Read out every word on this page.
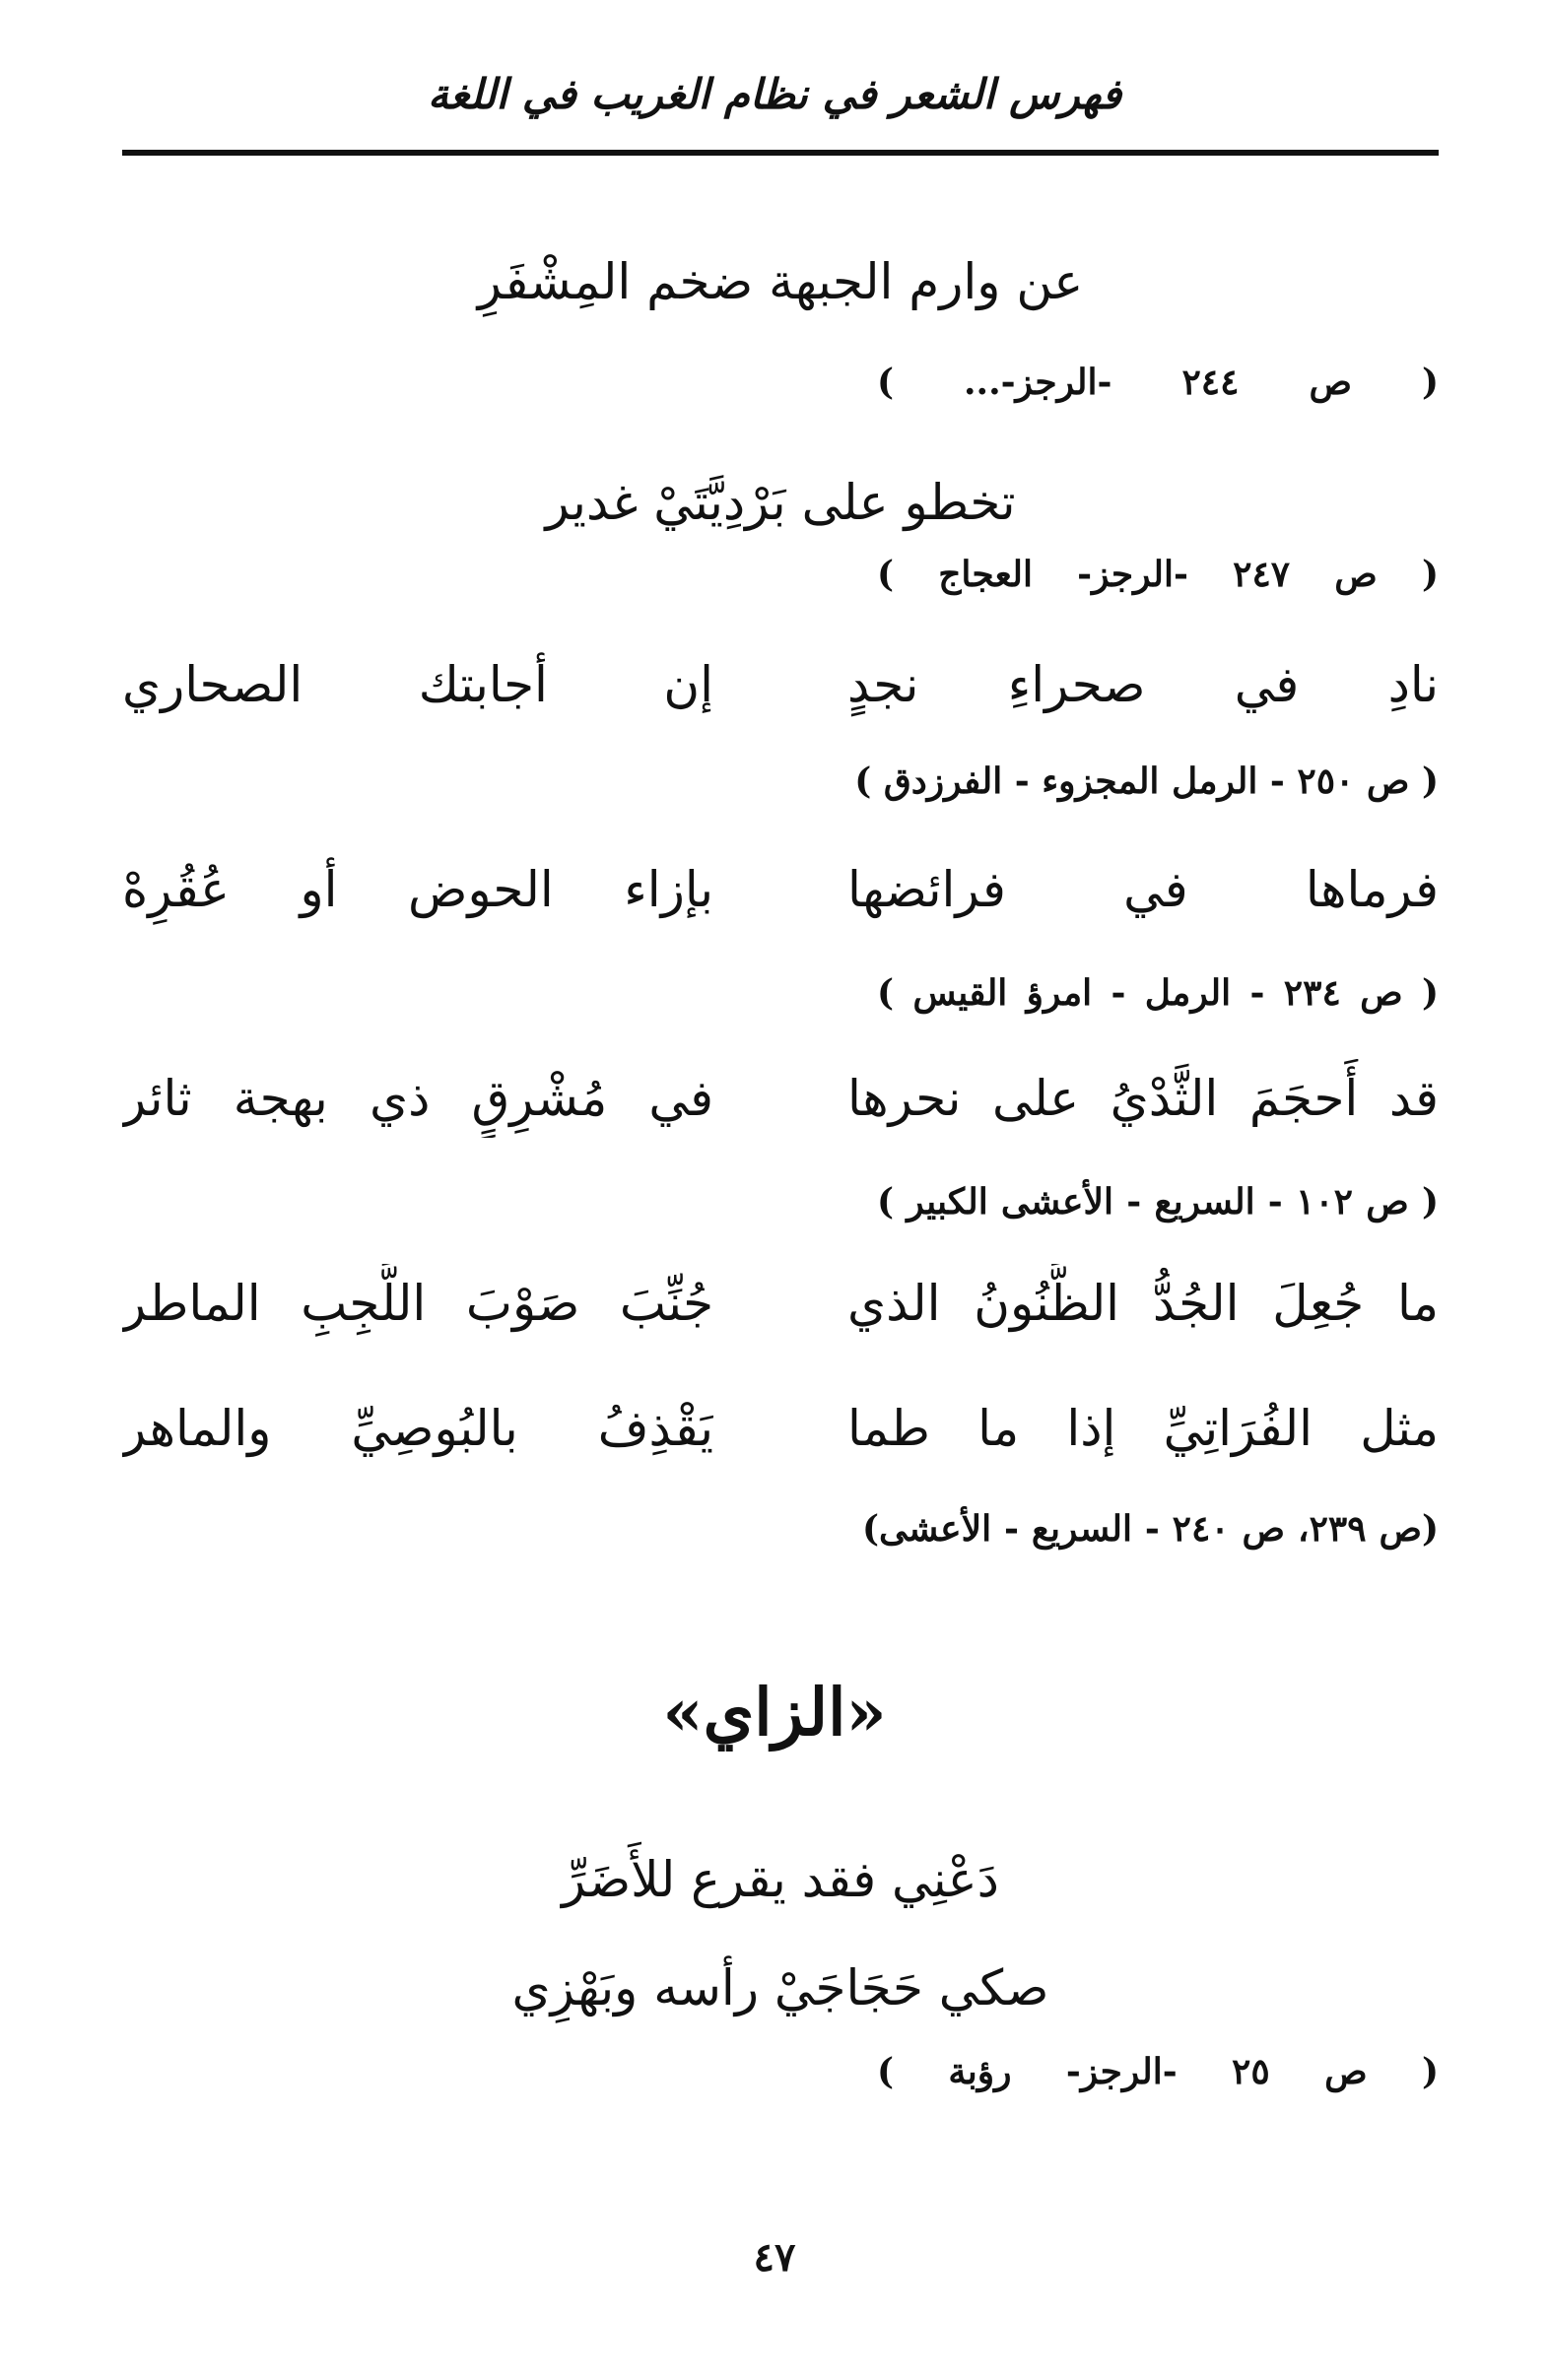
فهرس الشعر في نظام الغريب في اللغة
عن وارم الجبهة ضخم المِشْفَرِ
( ص ٢٤٤ -الرجز-... )
تخطو على بَرْدِيَّتَيْ غدير
( ص ٢٤٧ -الرجز- العجاج )
نادِ في صحراءِ نجدٍ
إن أجابتك الصحاري
( ص ٢٥٠ - الرمل المجزوء - الفرزدق )
فرماها في فرائضها
بإزاء الحوض أو عُقُرِهْ
( ص ٢٣٤ - الرمل - امرؤ القيس )
قد أَحجَمَ الثَّدْيُ على نحرها
في مُشْرِقٍ ذي بهجة ثائر
( ص ١٠٢ - السريع - الأعشى الكبير )
ما جُعِلَ الجُدُّ الظَّنُونُ الذي
جُنِّبَ صَوْبَ اللَّجِبِ الماطر
مثل الفُرَاتِيِّ إذا ما طما
يَقْذِفُ بالبُوصِيِّ والماهر
(ص ٢٣٩، ص ٢٤٠ - السريع - الأعشى)
«الزاي»
دَعْنِي فقد يقرع للأَضَرِّ
صكي حَجَاجَيْ رأسه وبَهْزِي
( ص ٢٥ -الرجز- رؤبة )
٤٧
